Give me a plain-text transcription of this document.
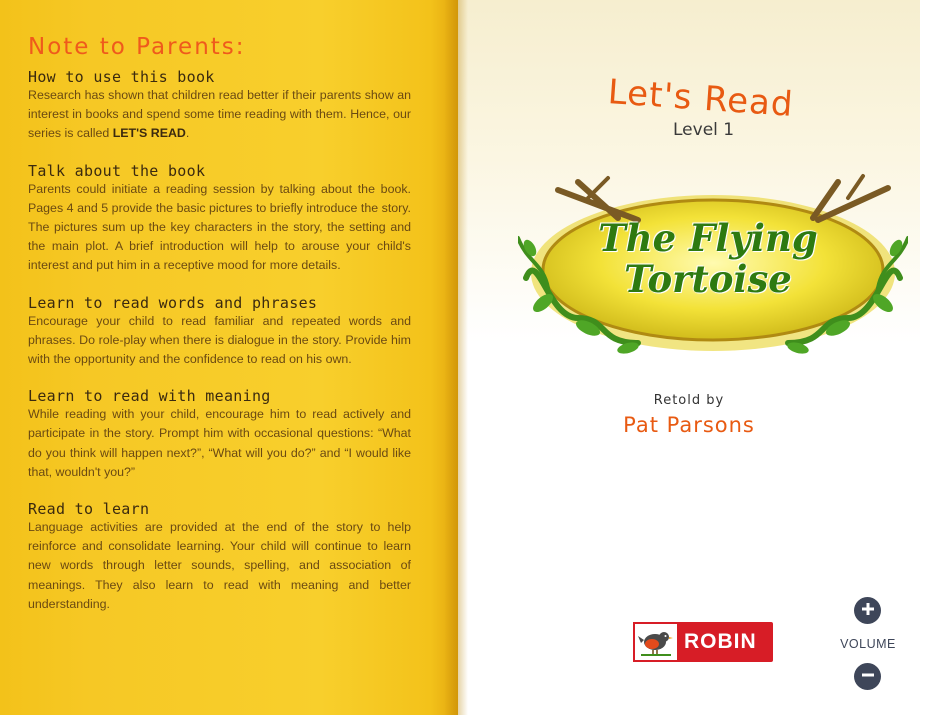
Note to Parents:
How to use this book

Research has shown that children read better if their parents show an interest in books and spend some time reading with them. Hence, our series is called LET'S READ.

Talk about the book

Parents could initiate a reading session by talking about the book. Pages 4 and 5 provide the basic pictures to briefly introduce the story. The pictures sum up the key characters in the story, the setting and the main plot. A brief introduction will help to arouse your child's interest and put him in a receptive mood for more details.

Learn to read words and phrases

Encourage your child to read familiar and repeated words and phrases. Do role-play when there is dialogue in the story. Provide him with the opportunity and the confidence to read on his own.

Learn to read with meaning

While reading with your child, encourage him to read actively and participate in the story. Prompt him with occasional questions: “What do you think will happen next?”, “What will you do?” and “I would like that, wouldn't you?”

Read to learn

Language activities are provided at the end of the story to help reinforce and consolidate learning. Your child will continue to learn new words through letter sounds, spelling, and association of meanings. They also learn to read with meaning and better understanding.

Let's Read

Level 1

The Flying
Tortoise

Retold by

Pat Parsons

ROBIN	VOLUME
